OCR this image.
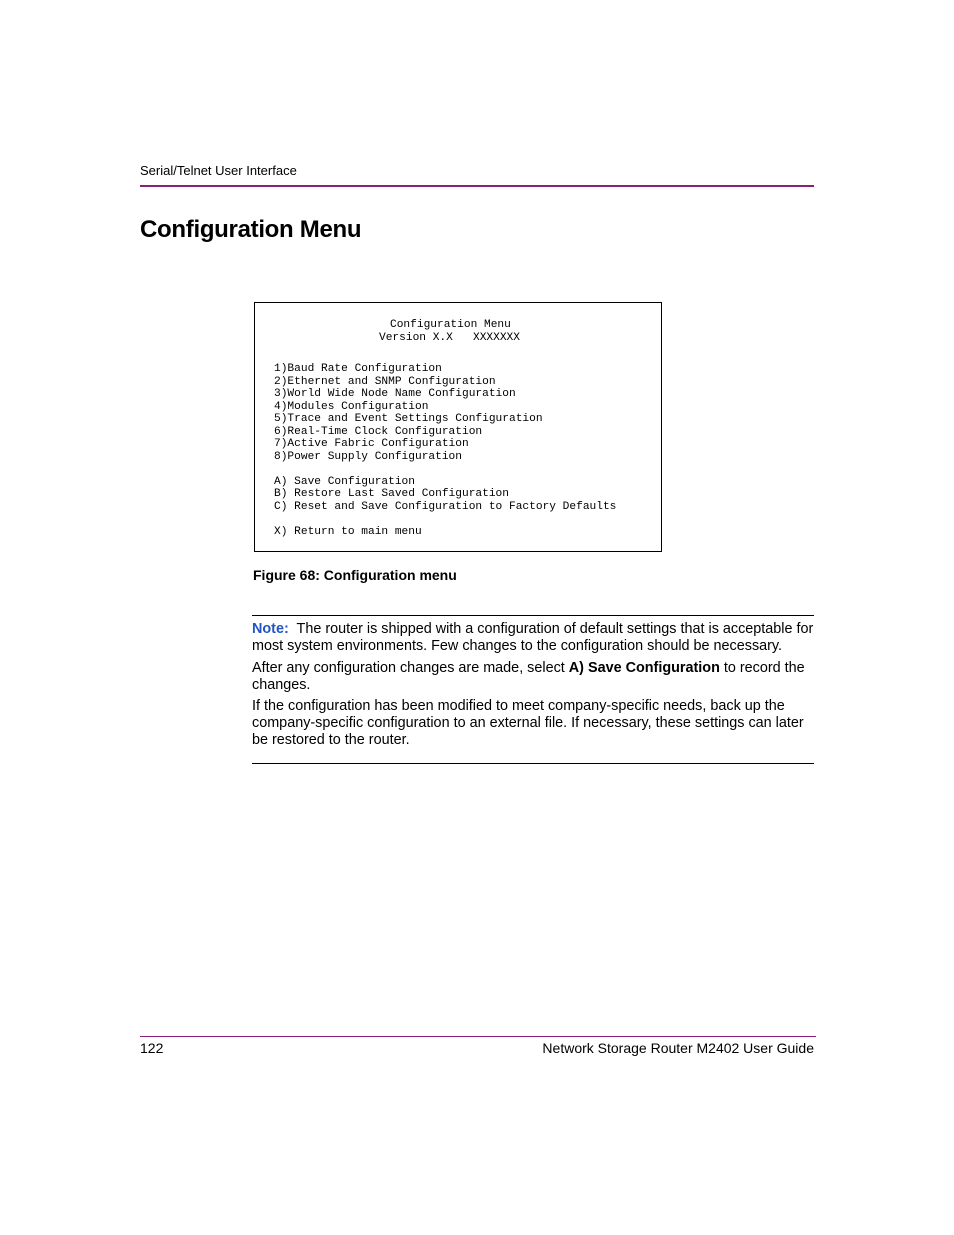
Serial/Telnet User Interface
Configuration Menu
Configuration Menu
Version X.X   XXXXXXX
1)Baud Rate Configuration
2)Ethernet and SNMP Configuration
3)World Wide Node Name Configuration
4)Modules Configuration
5)Trace and Event Settings Configuration
6)Real-Time Clock Configuration
7)Active Fabric Configuration
8)Power Supply Configuration
A) Save Configuration
B) Restore Last Saved Configuration
C) Reset and Save Configuration to Factory Defaults
X) Return to main menu
Figure 68: Configuration menu

Note: The router is shipped with a configuration of default settings that is acceptable for most system environments. Few changes to the configuration should be necessary.

After any configuration changes are made, select A) Save Configuration to record the changes.

If the configuration has been modified to meet company-specific needs, back up the company-specific configuration to an external file. If necessary, these settings can later be restored to the router.

122	Network Storage Router M2402 User Guide
